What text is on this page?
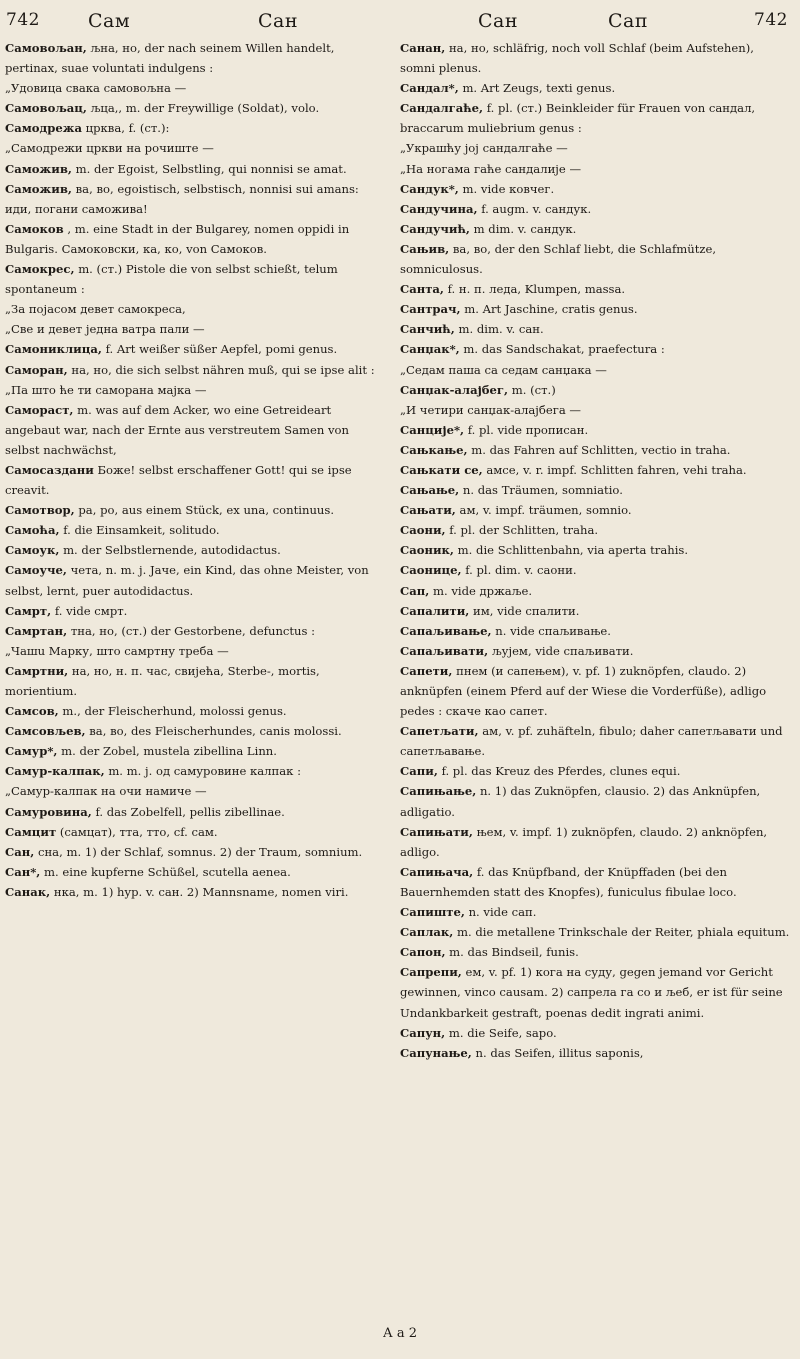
742	Сам	Сан	Сан	Сап	742

Самовољан, љна, но, der nach seinem Willen handelt, pertinax, suae voluntati indulgens :

„Удовица свака самовољна —

Самовољац, љца,, m. der Freywillige (Soldat), volo.

Самодрежа црква, f. (ст.):

„Самодрежи цркви на рочиште —

Саможив, m. der Egoist, Selbstling, qui nonnisi se amat.

Саможив, ва, во, egoistisch, selbstisch, nonnisi sui amans: иди, погани саможива!

Самоков , m. eine Stadt in der Bulgarey, nomen oppidi in Bulgaris. Самоковски, ка, ко, von Самоков.

Самокрес, m. (ст.) Pistole die von selbst schießt, telum spontaneum :

„За појасом девет самокреса,

„Све и девет једна ватра пали —

Самониклица, f. Art weißer süßer Aepfel, pomi genus.

Саморан, на, но, die sich selbst nähren muß, qui se ipse alit :

„Па што ће ти саморана мајка —

Самораст, m. was auf dem Acker, wo eine Getreideart angebaut war, nach der Ernte aus verstreutem Samen von selbst nachwächst,

Самосаздани Боже! selbst erschaffener Gott! qui se ipse creavit.

Самотвор, ра, ро, aus einem Stück, ex una, continuus.

Самоћа, f. die Einsamkeit, solitudo.

Самоук, m. der Selbstlernende, autodidactus.

Самоуче, чета, n. m. j. Jaче, ein Kind, das ohne Meister, von selbst, lernt, puer autodidactus.

Самрт, f. vide смрт.

Самртан, тна, но, (ст.) der Gestorbene, defunctus :

„Чашu Марку, што самртну треба —

Самртни, на, но, н. п. час, свијећа, Sterbe-, mortis, morientium.

Самсов, m., der Fleischerhund, molossi genus.

Самсовљев, ва, во, des Fleischerhundes, canis molossi.

Самур*, m. der Zobel, mustela zibellina Linn.

Самур-калпак, m. m. j. од самуровине калпак :

„Самур-калпак на очи намиче —

Самуровина, f. das Zobelfell, pellis zibellinae.

Самцит (самцат), тта, тто, cf. сам.

Сан, сна, m. 1) der Schlaf, somnus. 2) der Traum, somnium.

Сан*, m. eine kupferne Schüßel, scutella aenea.

Санак, нка, m. 1) hyp. v. сан. 2) Mannsname, nomen viri.

Санан, на, но, schläfrig, noch voll Schlaf (beim Aufstehen), somni plenus.

Сандал*, m. Art Zeugs, texti genus.

Сандалгаће, f. pl. (ст.) Beinkleider für Frauen von сандал, braccarum muliebrium genus :

„Украшћу јој сандалгаће —

„На ногама гаће сандалије —

Сандук*, m. vide ковчег.

Сандучина, f. augm. v. сандук.

Сандучић, m dim. v. сандук.

Сањив, ва, во, der den Schlaf liebt, die Schlafmütze, somniculosus.

Санта, f. н. п. леда, Klumpen, massa.

Сантрач, m. Art Jaschine, cratis genus.

Санчић, m. dim. v. сан.

Санџак*, m. das Sandschakat, praefectura :

„Седам паша са седам санџака —

Санџак-алајбег, m. (ст.)

„И четири санџак-алајбега —

Санције*, f. pl. vide прописан.

Сањкање, m. das Fahren auf Schlitten, vectio in traha.

Сањкати се, амсе, v. r. impf. Schlitten fahren, vehi traha.

Сањање, n. das Träumen, somniatio.

Сањати, ам, v. impf. träumen, somnio.

Саони, f. pl. der Schlitten, traha.

Саоник, m. die Schlittenbahn, via aperta trahis.

Саонице, f. pl. dim. v. саони.

Сап, m. vide држаље.

Сапалити, им, vide спалити.

Сапаљивање, n. vide спаљивање.

Сапаљивати, љујем, vide спаљивати.

Сапети, пнем (и сапењем), v. pf. 1) zuknöpfen, claudo. 2) anknüpfen (einem Pferd auf der Wiese die Vorderfüße), adligo pedes : скаче као сапет.

Сапетљати, ам, v. pf. zuhäfteln, fibulo; daher сапетљавати und сапетљавање.

Сапи, f. pl. das Kreuz des Pferdes, clunes equi.

Сапињање, n. 1) das Zuknöpfen, clausio. 2) das Anknüpfen, adligatio.

Сапињати, њем, v. impf. 1) zuknöpfen, claudo. 2) anknöpfen, adligo.

Сапињача, f. das Knüpfband, der Knüpffaden (bei den Bauernhemden statt des Knopfes), funiculus fibulae loco.

Сапиште, n. vide сап.

Саплак, m. die metallene Trinkschale der Reiter, phiala equitum.

Сапон, m. das Bindseil, funis.

Сапрепи, ем, v. pf. 1) кога на суду, gegen jemand vor Gericht gewinnen, vinco causam. 2) сапрела га со и љеб, er ist für seine Undankbarkeit gestraft, poenas dedit ingrati animi.

Сапун, m. die Seife, sapo.

Сапунање, n. das Seifen, illitus saponis,

А а 2
